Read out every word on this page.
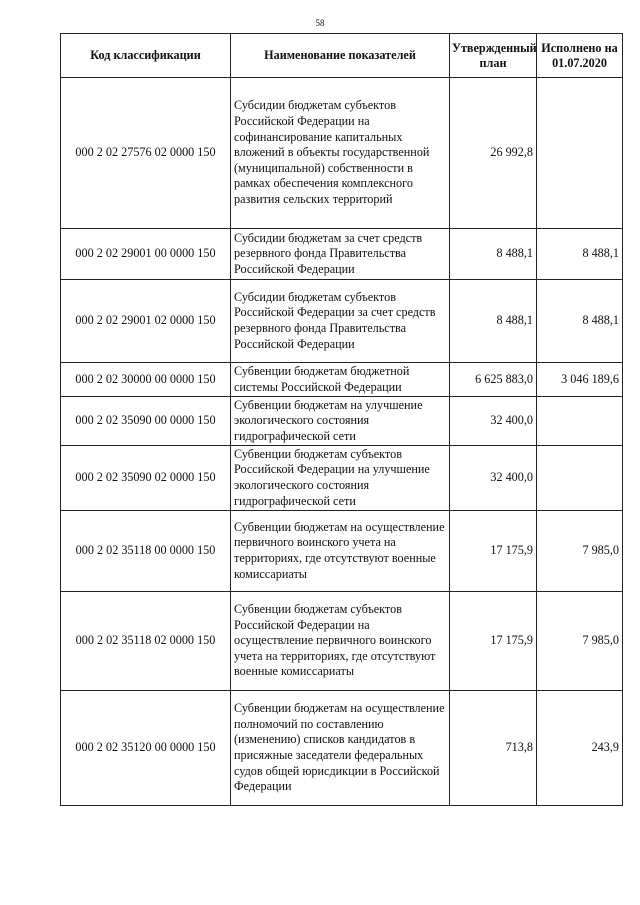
58
Код классификации	Наименование показателей	Утвержденный план	Исполнено на 01.07.2020
000 2 02 27576 02 0000 150	Субсидии бюджетам субъектов Российской Федерации на софинансирование капитальных вложений в объекты государственной (муниципальной) собственности в рамках обеспечения комплексного развития сельских территорий	26 992,8	
000 2 02 29001 00 0000 150	Субсидии бюджетам за счет средств резервного фонда Правительства Российской Федерации	8 488,1	8 488,1
000 2 02 29001 02 0000 150	Субсидии бюджетам субъектов Российской Федерации за счет средств резервного фонда Правительства Российской Федерации	8 488,1	8 488,1
000 2 02 30000 00 0000 150	Субвенции бюджетам бюджетной системы Российской Федерации	6 625 883,0	3 046 189,6
000 2 02 35090 00 0000 150	Субвенции бюджетам на улучшение экологического состояния гидрографической сети	32 400,0	
000 2 02 35090 02 0000 150	Субвенции бюджетам субъектов Российской Федерации на улучшение экологического состояния гидрографической сети	32 400,0	
000 2 02 35118 00 0000 150	Субвенции бюджетам на осуществление первичного воинского учета на территориях, где отсутствуют военные комиссариаты	17 175,9	7 985,0
000 2 02 35118 02 0000 150	Субвенции бюджетам субъектов Российской Федерации на осуществление первичного воинского учета на территориях, где отсутствуют военные комиссариаты	17 175,9	7 985,0
000 2 02 35120 00 0000 150	Субвенции бюджетам на осуществление полномочий по составлению (изменению) списков кандидатов в присяжные заседатели федеральных судов общей юрисдикции в Российской Федерации	713,8	243,9
